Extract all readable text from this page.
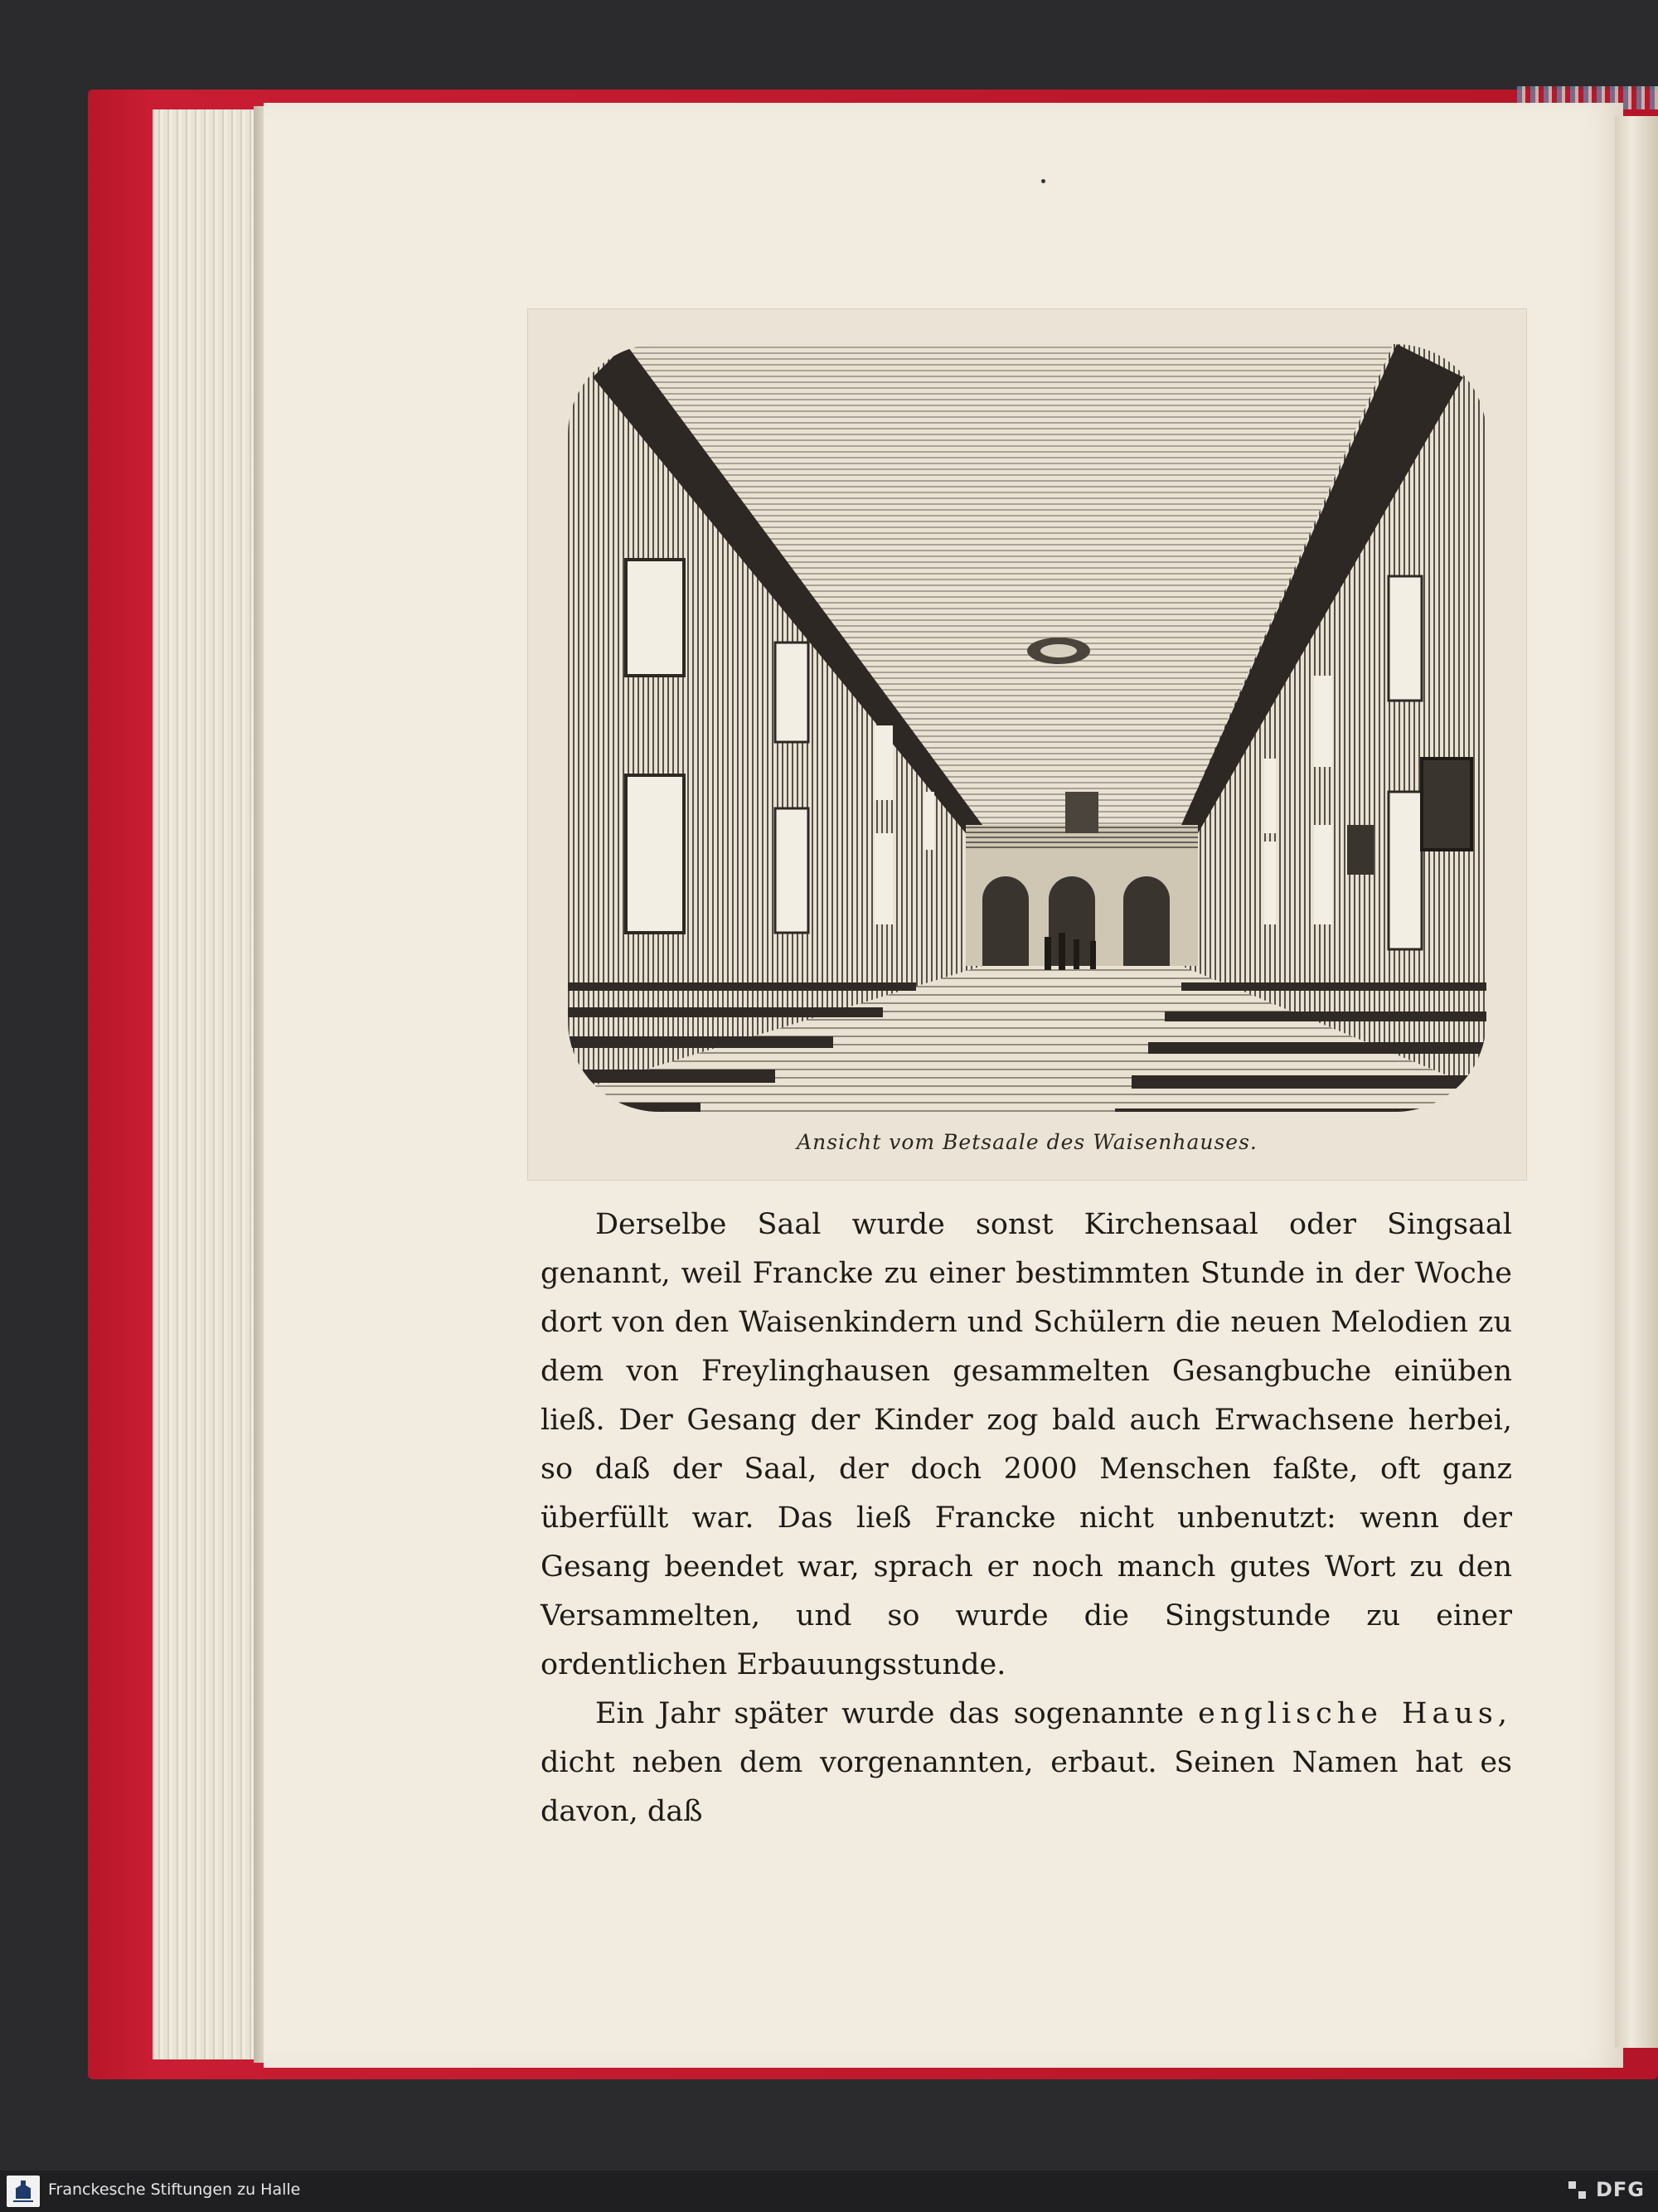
Ansicht vom Betsaale des Waisenhauses.

Derselbe Saal wurde sonst Kirchensaal oder Singsaal genannt, weil Francke zu einer bestimmten Stunde in der Woche dort von den Waisenkindern und Schülern die neuen Melodien zu dem von Freylinghausen gesammelten Gesangbuche einüben ließ. Der Gesang der Kinder zog bald auch Erwachsene herbei, so daß der Saal, der doch 2000 Menschen faßte, oft ganz überfüllt war. Das ließ Francke nicht unbenutzt: wenn der Gesang beendet war, sprach er noch manch gutes Wort zu den Versammelten, und so wurde die Singstunde zu einer ordentlichen Erbauungsstunde.

Ein Jahr später wurde das sogenannte englische Haus, dicht neben dem vorgenannten, erbaut. Seinen Namen hat es davon, daß

Franckesche Stiftungen zu Halle	DFG
